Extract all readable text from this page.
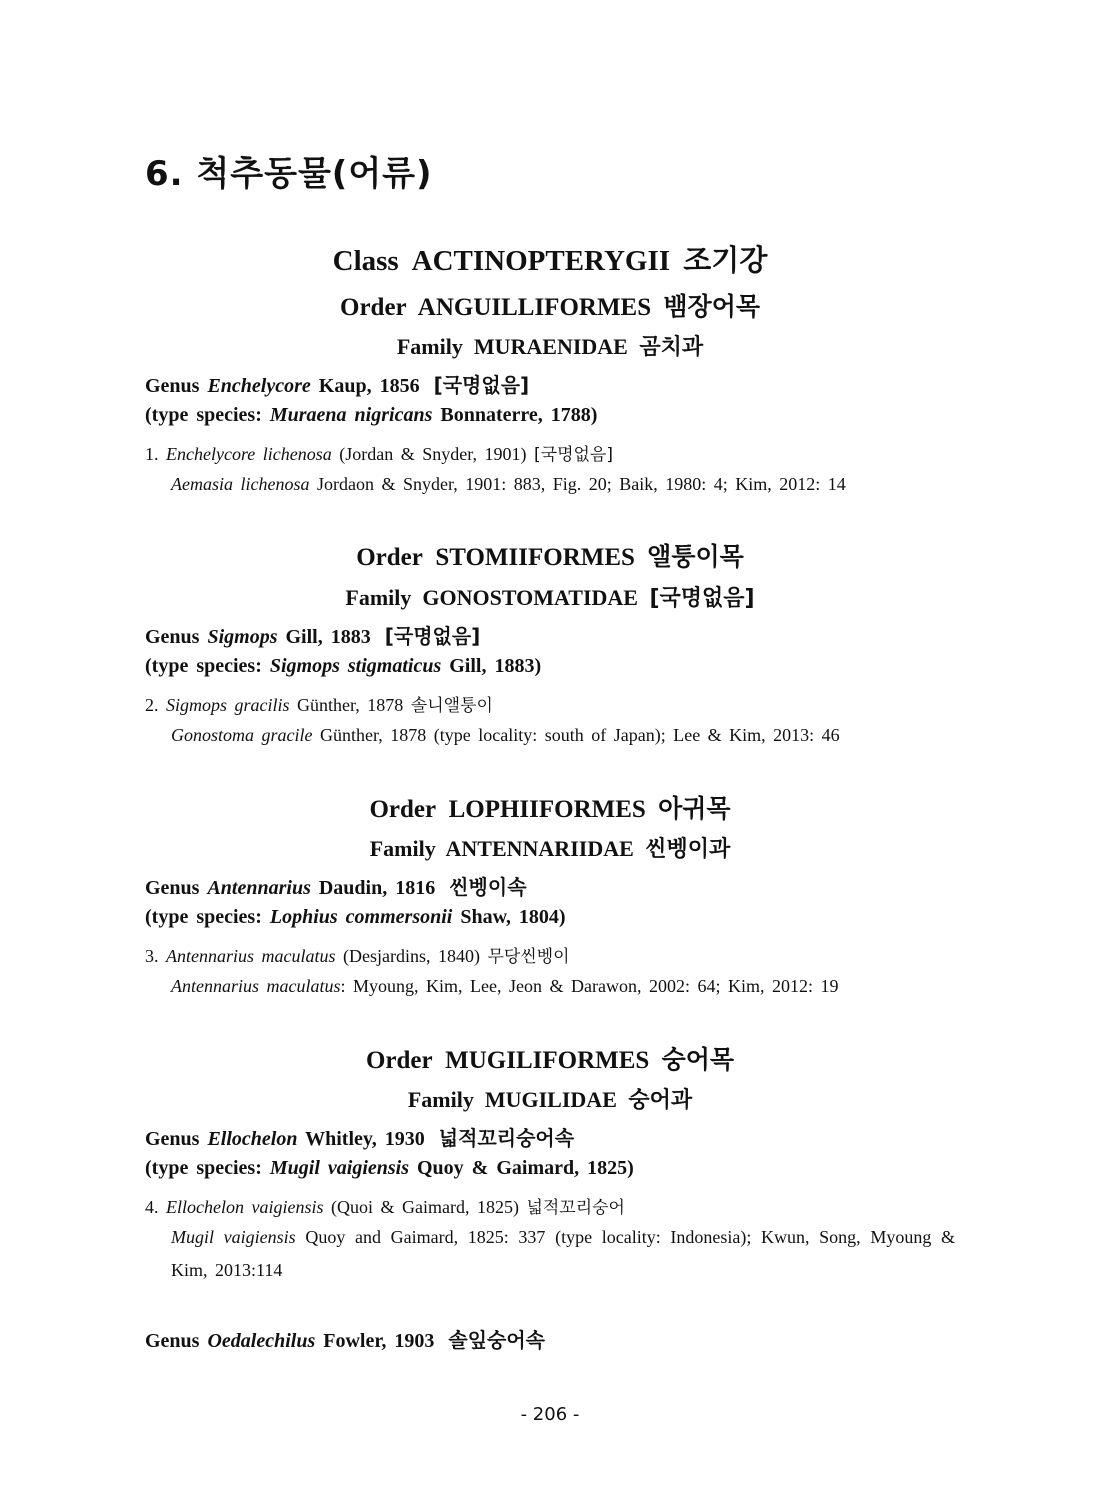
6. 척추동물(어류)
Class ACTINOPTERYGII 조기강
Order ANGUILLIFORMES 뱀장어목
Family MURAENIDAE 곰치과

Genus Enchelycore Kaup, 1856 [국명없음]

(type species: Muraena nigricans Bonnaterre, 1788)

1. Enchelycore lichenosa (Jordan & Snyder, 1901) [국명없음]

Aemasia lichenosa Jordaon & Snyder, 1901: 883, Fig. 20; Baik, 1980: 4; Kim, 2012: 14

Order STOMIIFORMES 앨퉁이목
Family GONOSTOMATIDAE [국명없음]

Genus Sigmops Gill, 1883 [국명없음]

(type species: Sigmops stigmaticus Gill, 1883)

2. Sigmops gracilis Günther, 1878 솔니앨퉁이

Gonostoma gracile Günther, 1878 (type locality: south of Japan); Lee & Kim, 2013: 46

Order LOPHIIFORMES 아귀목
Family ANTENNARIIDAE 씬벵이과

Genus Antennarius Daudin, 1816 씬벵이속

(type species: Lophius commersonii Shaw, 1804)

3. Antennarius maculatus (Desjardins, 1840) 무당씬벵이

Antennarius maculatus: Myoung, Kim, Lee, Jeon & Darawon, 2002: 64; Kim, 2012: 19

Order MUGILIFORMES 숭어목
Family MUGILIDAE 숭어과

Genus Ellochelon Whitley, 1930 넓적꼬리숭어속

(type species: Mugil vaigiensis Quoy & Gaimard, 1825)

4. Ellochelon vaigiensis (Quoi & Gaimard, 1825) 넓적꼬리숭어

Mugil vaigiensis Quoy and Gaimard, 1825: 337 (type locality: Indonesia); Kwun, Song, Myoung & Kim, 2013:114

Genus Oedalechilus Fowler, 1903 솔잎숭어속

- 206 -
